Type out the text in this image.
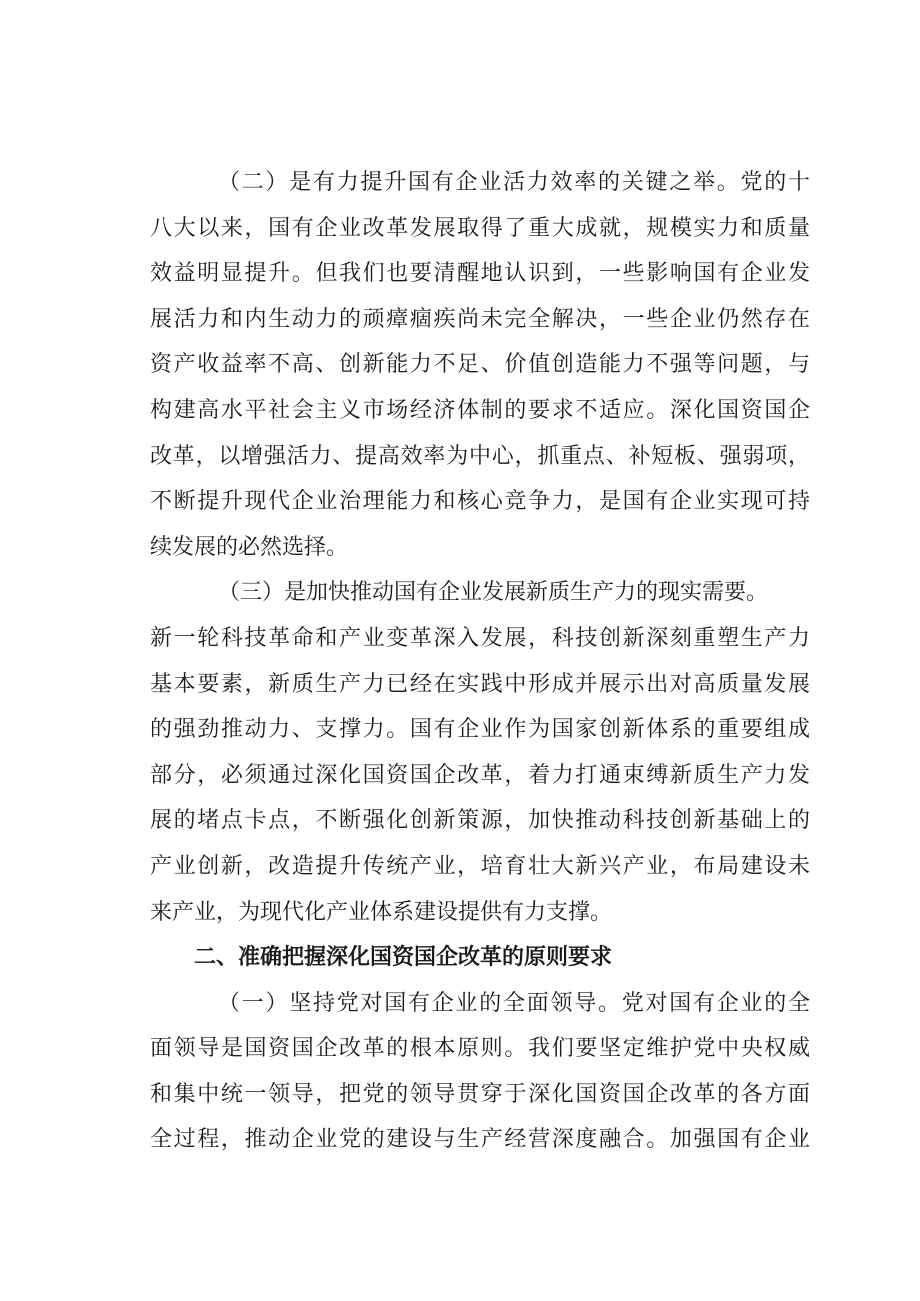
（二）是有力提升国有企业活力效率的关键之举。党的十
八大以来，国有企业改革发展取得了重大成就，规模实力和质量
效益明显提升。但我们也要清醒地认识到，一些影响国有企业发
展活力和内生动力的顽瘴痼疾尚未完全解决，一些企业仍然存在
资产收益率不高、创新能力不足、价值创造能力不强等问题，与
构建高水平社会主义市场经济体制的要求不适应。深化国资国企
改革，以增强活力、提高效率为中心，抓重点、补短板、强弱项，
不断提升现代企业治理能力和核心竞争力，是国有企业实现可持
续发展的必然选择。
（三）是加快推动国有企业发展新质生产力的现实需要。
新一轮科技革命和产业变革深入发展，科技创新深刻重塑生产力
基本要素，新质生产力已经在实践中形成并展示出对高质量发展
的强劲推动力、支撑力。国有企业作为国家创新体系的重要组成
部分，必须通过深化国资国企改革，着力打通束缚新质生产力发
展的堵点卡点，不断强化创新策源，加快推动科技创新基础上的
产业创新，改造提升传统产业，培育壮大新兴产业，布局建设未
来产业，为现代化产业体系建设提供有力支撑。
二、准确把握深化国资国企改革的原则要求
（一）坚持党对国有企业的全面领导。党对国有企业的全
面领导是国资国企改革的根本原则。我们要坚定维护党中央权威
和集中统一领导，把党的领导贯穿于深化国资国企改革的各方面
全过程，推动企业党的建设与生产经营深度融合。加强国有企业
